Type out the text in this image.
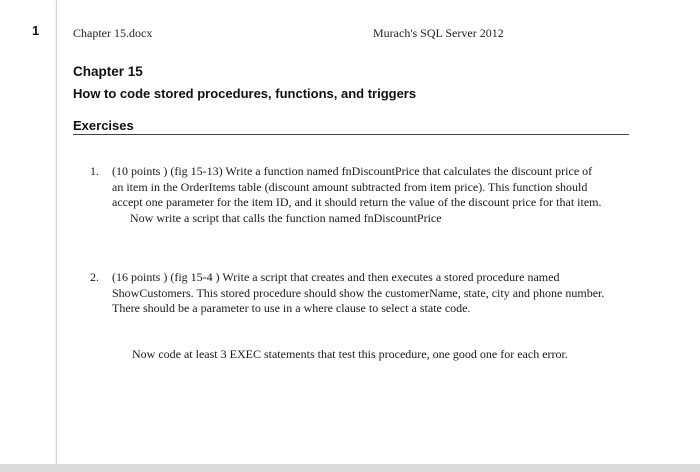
1	Chapter 15.docx	Murach's SQL Server 2012
Chapter 15
How to code stored procedures, functions, and triggers
Exercises
1.	(10 points ) (fig 15-13) Write a function named fnDiscountPrice that calculates the discount price of an item in the OrderItems table (discount amount subtracted from item price). This function should accept one parameter for the item ID, and it should return the value of the discount price for that item.
Now write a script that calls the function named fnDiscountPrice
2.	(16 points ) (fig 15-4 ) Write a script that creates and then executes a stored procedure named ShowCustomers. This stored procedure should show the customerName, state, city and phone number. There should be a parameter to use in a where clause to select a state code.
Now code at least 3 EXEC statements that test this procedure, one good one for each error.
